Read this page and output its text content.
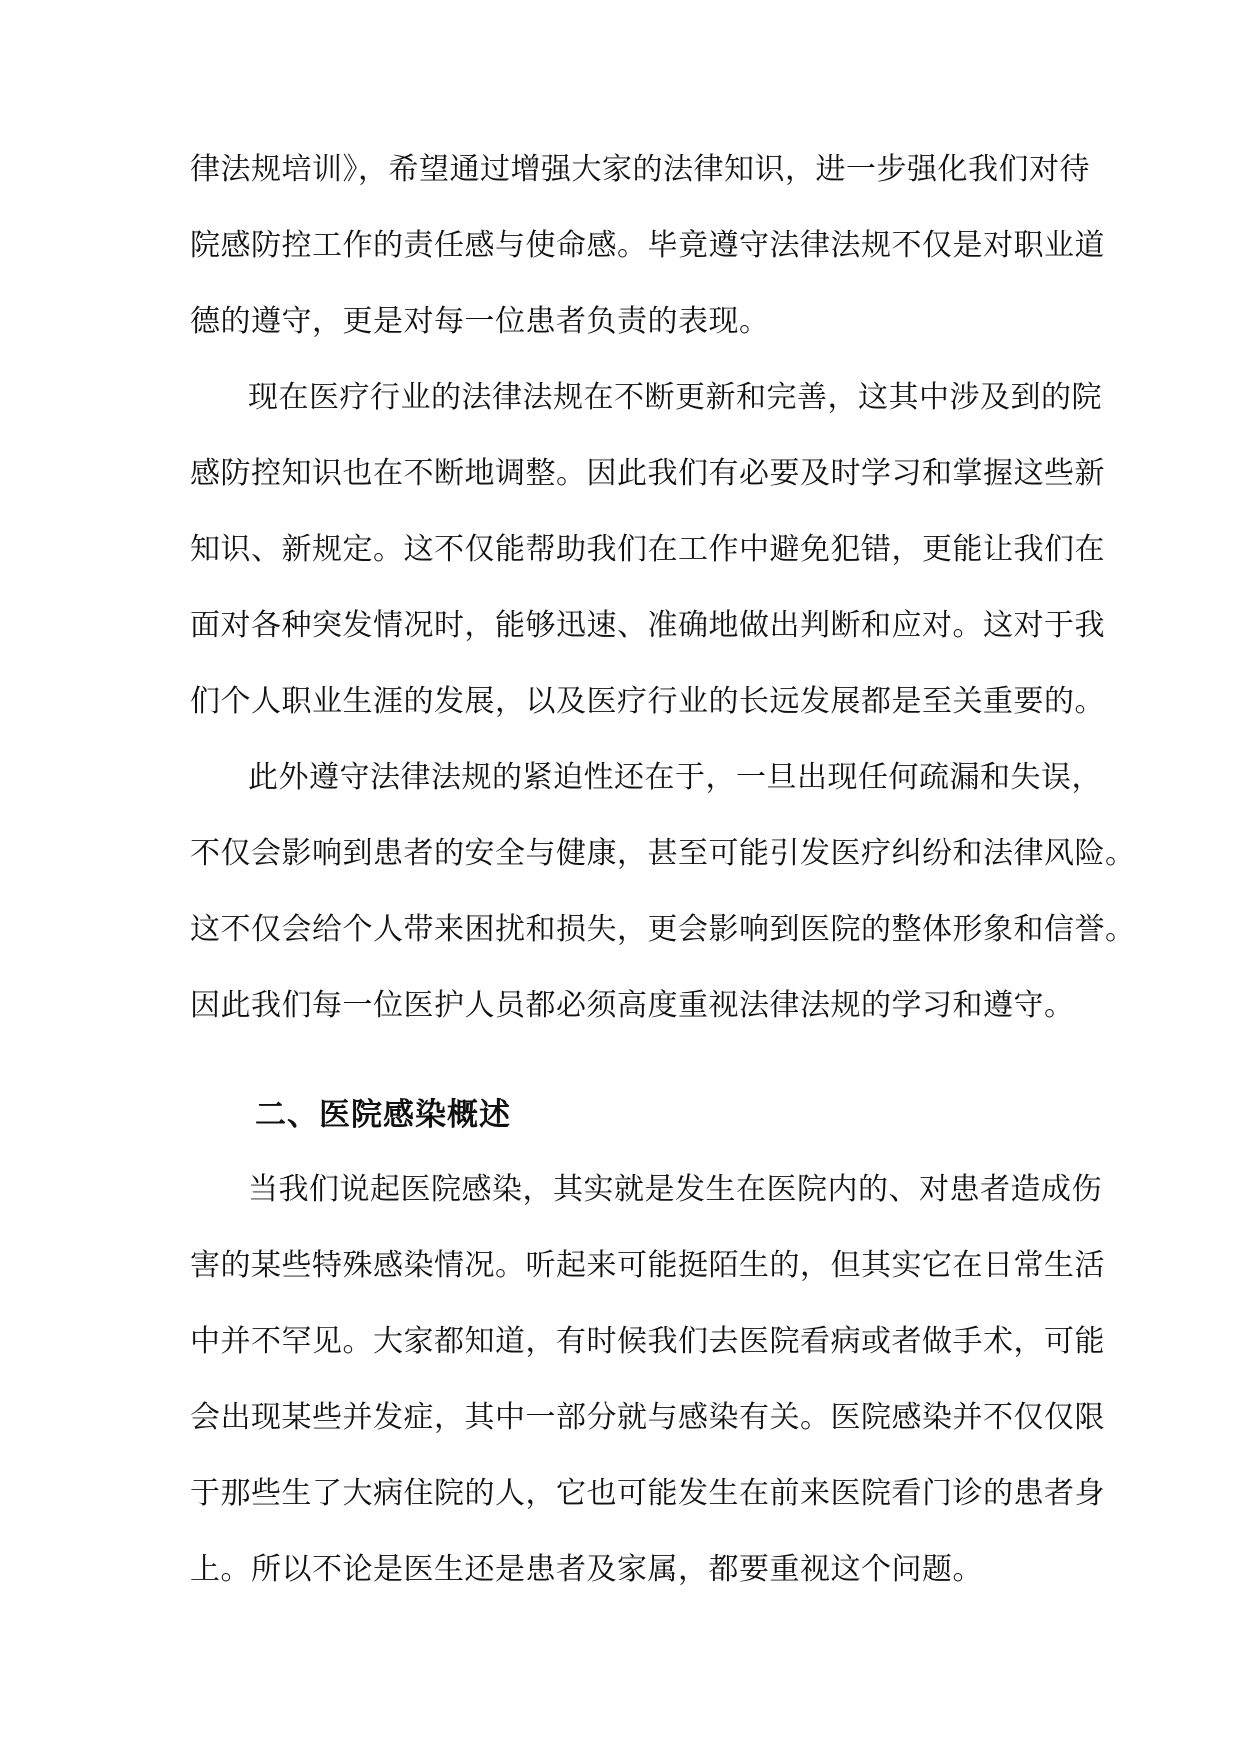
律法规培训》，希望通过增强大家的法律知识，进一步强化我们对待
院感防控工作的责任感与使命感。毕竟遵守法律法规不仅是对职业道
德的遵守，更是对每一位患者负责的表现。
现在医疗行业的法律法规在不断更新和完善，这其中涉及到的院
感防控知识也在不断地调整。因此我们有必要及时学习和掌握这些新
知识、新规定。这不仅能帮助我们在工作中避免犯错，更能让我们在
面对各种突发情况时，能够迅速、准确地做出判断和应对。这对于我
们个人职业生涯的发展，以及医疗行业的长远发展都是至关重要的。
此外遵守法律法规的紧迫性还在于，一旦出现任何疏漏和失误，
不仅会影响到患者的安全与健康，甚至可能引发医疗纠纷和法律风险。
这不仅会给个人带来困扰和损失，更会影响到医院的整体形象和信誉。
因此我们每一位医护人员都必须高度重视法律法规的学习和遵守。
二、医院感染概述
当我们说起医院感染，其实就是发生在医院内的、对患者造成伤
害的某些特殊感染情况。听起来可能挺陌生的，但其实它在日常生活
中并不罕见。大家都知道，有时候我们去医院看病或者做手术，可能
会出现某些并发症，其中一部分就与感染有关。医院感染并不仅仅限
于那些生了大病住院的人，它也可能发生在前来医院看门诊的患者身
上。所以不论是医生还是患者及家属，都要重视这个问题。
